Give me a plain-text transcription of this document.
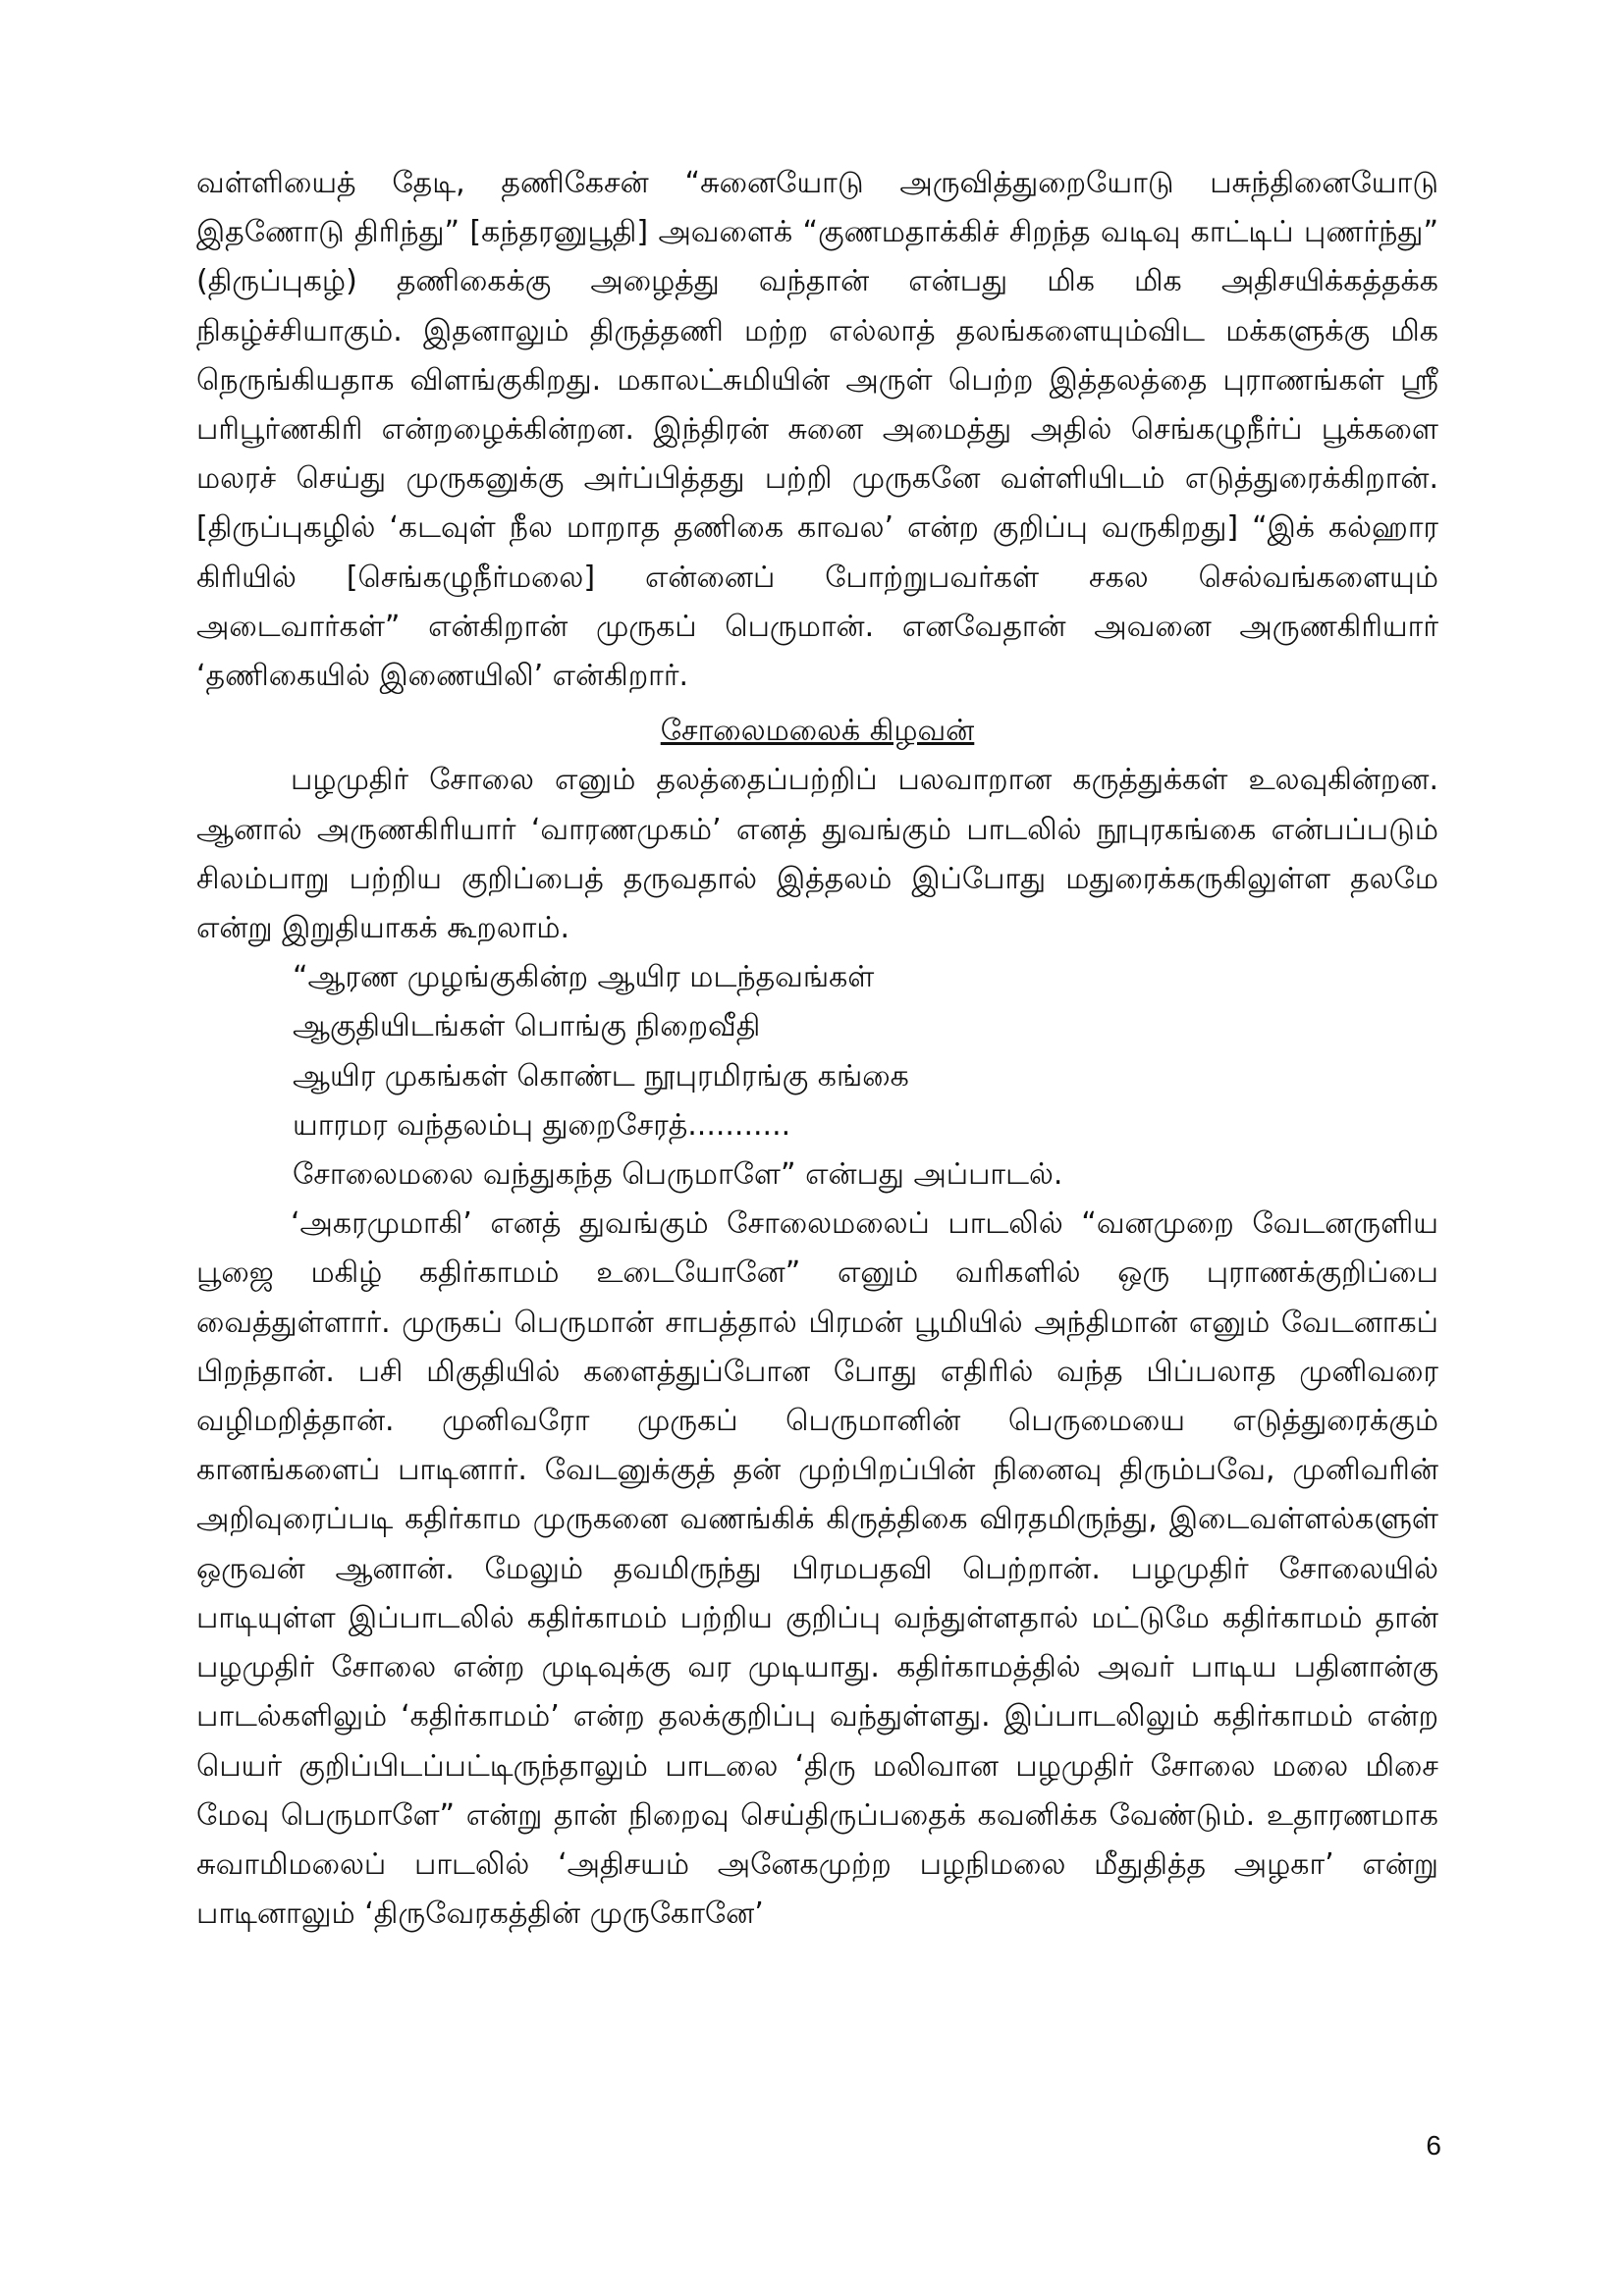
வள்ளியைத் தேடி, தணிகேசன் “சுனையோடு அருவித்துறையோடு பசுந்தினையோடு இதணோடு திரிந்து” [கந்தரனுபூதி] அவளைக் “குணமதாக்கிச் சிறந்த வடிவு காட்டிப் புணர்ந்து” (திருப்புகழ்) தணிகைக்கு அழைத்து வந்தான் என்பது மிக மிக அதிசயிக்கத்தக்க நிகழ்ச்சியாகும். இதனாலும் திருத்தணி மற்ற எல்லாத் தலங்களையும்விட மக்களுக்கு மிக நெருங்கியதாக விளங்குகிறது. மகாலட்சுமியின் அருள் பெற்ற இத்தலத்தை புராணங்கள் ஸ்ரீ பரிபூர்ணகிரி என்றழைக்கின்றன. இந்திரன் சுனை அமைத்து அதில் செங்கழுநீர்ப் பூக்களை மலரச் செய்து முருகனுக்கு அர்ப்பித்தது பற்றி முருகனே வள்ளியிடம் எடுத்துரைக்கிறான். [திருப்புகழில் ‘கடவுள் நீல மாறாத தணிகை காவல’ என்ற குறிப்பு வருகிறது] “இக் கல்ஹார கிரியில் [செங்கழுநீர்மலை] என்னைப் போற்றுபவர்கள் சகல செல்வங்களையும் அடைவார்கள்” என்கிறான் முருகப் பெருமான். எனவேதான் அவனை அருணகிரியார் ‘தணிகையில் இணையிலி’ என்கிறார்.

சோலைமலைக் கிழவன்

பழமுதிர் சோலை எனும் தலத்தைப்பற்றிப் பலவாறான கருத்துக்கள் உலவுகின்றன. ஆனால் அருணகிரியார் ‘வாரணமுகம்’ எனத் துவங்கும் பாடலில் நூபுரகங்கை என்பப்படும் சிலம்பாறு பற்றிய குறிப்பைத் தருவதால் இத்தலம் இப்போது மதுரைக்கருகிலுள்ள தலமே என்று இறுதியாகக் கூறலாம்.

“ஆரண முழங்குகின்ற ஆயிர மடந்தவங்கள்

ஆகுதியிடங்கள் பொங்கு நிறைவீதி

ஆயிர முகங்கள் கொண்ட நூபுரமிரங்கு கங்கை

யாரமர வந்தலம்பு துறைசேரத்...........

சோலைமலை வந்துகந்த பெருமாளே” என்பது அப்பாடல்.

‘அகரமுமாகி’ எனத் துவங்கும் சோலைமலைப் பாடலில் “வனமுறை வேடனருளிய பூஜை மகிழ் கதிர்காமம் உடையோனே” எனும் வரிகளில் ஒரு புராணக்குறிப்பை வைத்துள்ளார். முருகப் பெருமான் சாபத்தால் பிரமன் பூமியில் அந்திமான் எனும் வேடனாகப் பிறந்தான். பசி மிகுதியில் களைத்துப்போன போது எதிரில் வந்த பிப்பலாத முனிவரை வழிமறித்தான். முனிவரோ முருகப் பெருமானின் பெருமையை எடுத்துரைக்கும் கானங்களைப் பாடினார். வேடனுக்குத் தன் முற்பிறப்பின் நினைவு திரும்பவே, முனிவரின் அறிவுரைப்படி கதிர்காம முருகனை வணங்கிக் கிருத்திகை விரதமிருந்து, இடைவள்ளல்களுள் ஒருவன் ஆனான். மேலும் தவமிருந்து பிரமபதவி பெற்றான். பழமுதிர் சோலையில் பாடியுள்ள இப்பாடலில் கதிர்காமம் பற்றிய குறிப்பு வந்துள்ளதால் மட்டுமே கதிர்காமம் தான் பழமுதிர் சோலை என்ற முடிவுக்கு வர முடியாது. கதிர்காமத்தில் அவர் பாடிய பதினான்கு பாடல்களிலும் ‘கதிர்காமம்’ என்ற தலக்குறிப்பு வந்துள்ளது. இப்பாடலிலும் கதிர்காமம் என்ற பெயர் குறிப்பிடப்பட்டிருந்தாலும் பாடலை ‘திரு மலிவான பழமுதிர் சோலை மலை மிசை மேவு பெருமாளே” என்று தான் நிறைவு செய்திருப்பதைக் கவனிக்க வேண்டும். உதாரணமாக சுவாமிமலைப் பாடலில் ‘அதிசயம் அனேகமுற்ற பழநிமலை மீதுதித்த அழகா’ என்று பாடினாலும் ‘திருவேரகத்தின் முருகோனே’

6
